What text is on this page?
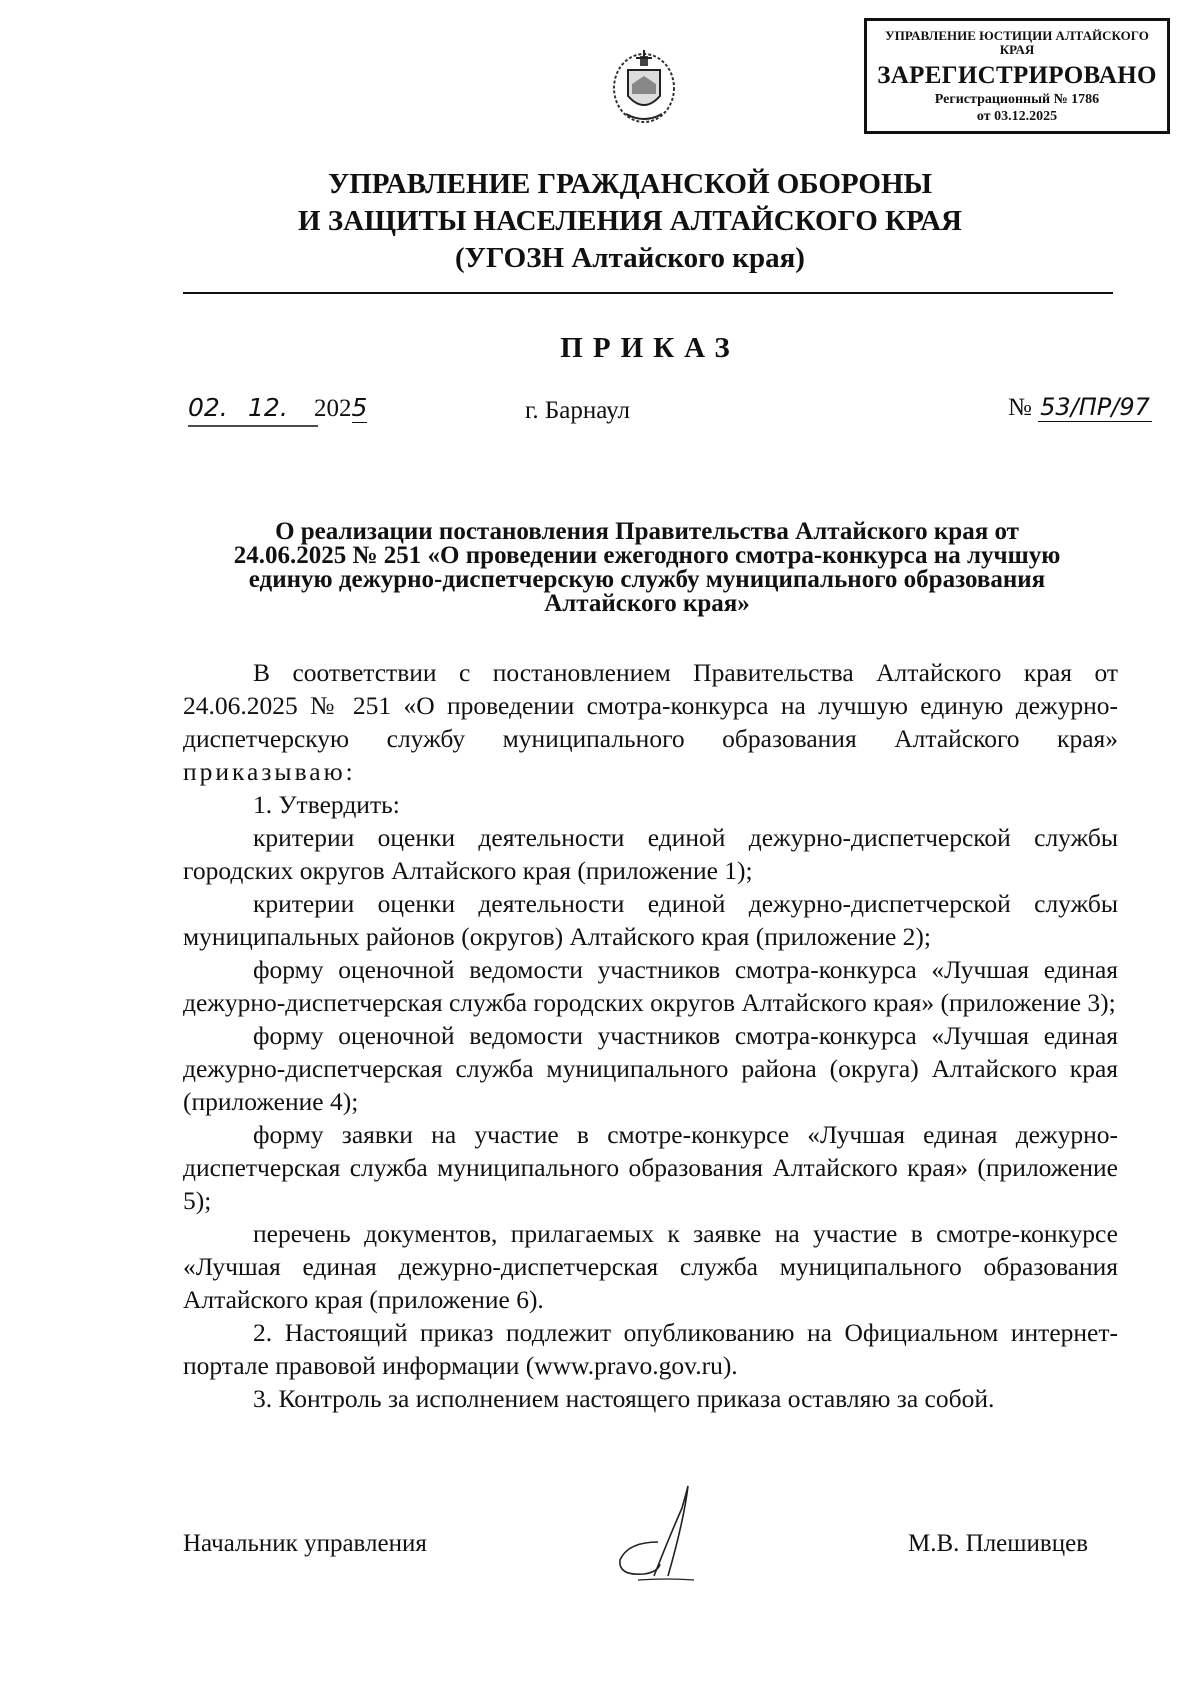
УПРАВЛЕНИЕ ЮСТИЦИИ АЛТАЙСКОГО КРАЯ
ЗАРЕГИСТРИРОВАНО
Регистрационный № 1786
от 03.12.2025
УПРАВЛЕНИЕ ГРАЖДАНСКОЙ ОБОРОНЫ
И ЗАЩИТЫ НАСЕЛЕНИЯ АЛТАЙСКОГО КРАЯ
(УГОЗН Алтайского края)
ПРИКАЗ
02. 12. 2025	г. Барнаул	№ 53/ПР/97
О реализации постановления Правительства Алтайского края от
24.06.2025 № 251 «О проведении ежегодного смотра-конкурса на лучшую
единую дежурно-диспетчерскую службу муниципального образования
Алтайского края»

В соответствии с постановлением Правительства Алтайского края от 24.06.2025 № 251 «О проведении смотра-конкурса на лучшую единую дежурно-диспетчерскую службу муниципального образования Алтайского края» приказываю:

1. Утвердить:

критерии оценки деятельности единой дежурно-диспетчерской службы городских округов Алтайского края (приложение 1);

критерии оценки деятельности единой дежурно-диспетчерской службы муниципальных районов (округов) Алтайского края (приложение 2);

форму оценочной ведомости участников смотра-конкурса «Лучшая единая дежурно-диспетчерская служба городских округов Алтайского края» (приложение 3);

форму оценочной ведомости участников смотра-конкурса «Лучшая единая дежурно-диспетчерская служба муниципального района (округа) Алтайского края (приложение 4);

форму заявки на участие в смотре-конкурсе «Лучшая единая дежурно-диспетчерская служба муниципального образования Алтайского края» (приложение 5);

перечень документов, прилагаемых к заявке на участие в смотре-конкурсе «Лучшая единая дежурно-диспетчерская служба муниципального образования Алтайского края (приложение 6).

2. Настоящий приказ подлежит опубликованию на Официальном интернет-портале правовой информации (www.pravo.gov.ru).

3. Контроль за исполнением настоящего приказа оставляю за собой.

Начальник управления	М.В. Плешивцев
